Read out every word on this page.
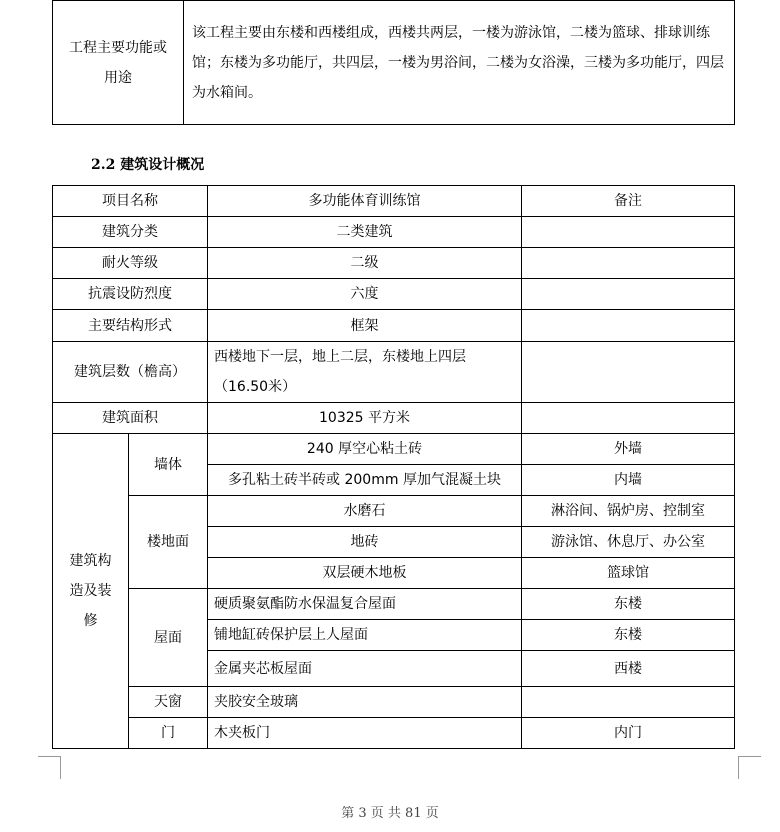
工程主要功能或用途	该工程主要由东楼和西楼组成，西楼共两层，一楼为游泳馆，二楼为篮球、排球训练馆；东楼为多功能厅，共四层，一楼为男浴间，二楼为女浴澡，三楼为多功能厅，四层为水箱间。
2.2 建筑设计概况
项目名称		多功能体育训练馆	备注
建筑分类		二类建筑	
耐火等级		二级	
抗震设防烈度		六度	
主要结构形式		框架	
建筑层数（檐高）		西楼地下一层，地上二层，东楼地上四层（16.50米）	
建筑面积		10325 平方米	
建筑构造及装修	墙体	240 厚空心粘土砖	外墙
		多孔粘土砖半砖或 200mm 厚加气混凝土块	内墙
	楼地面	水磨石	淋浴间、锅炉房、控制室
		地砖	游泳馆、休息厅、办公室
		双层硬木地板	篮球馆
	屋面	硬质聚氨酯防水保温复合屋面	东楼
		铺地缸砖保护层上人屋面	东楼
		金属夹芯板屋面	西楼
	天窗	夹胶安全玻璃	
	门	木夹板门	内门
第 3 页 共 81 页
